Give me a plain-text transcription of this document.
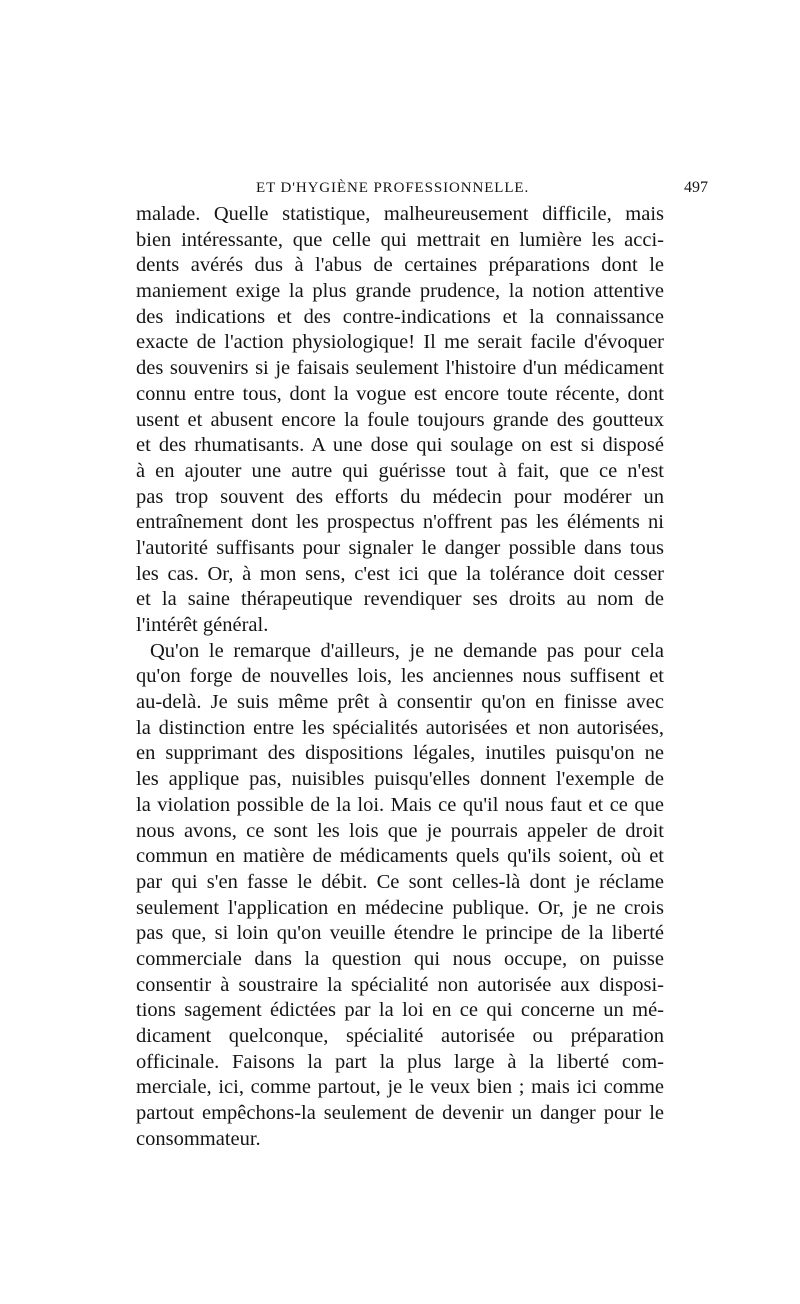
ET D'HYGIÈNE PROFESSIONNELLE.	497
malade. Quelle statistique, malheureusement difficile, mais
bien intéressante, que celle qui mettrait en lumière les acci-
dents avérés dus à l'abus de certaines préparations dont le
maniement exige la plus grande prudence, la notion attentive
des indications et des contre-indications et la connaissance
exacte de l'action physiologique! Il me serait facile d'évoquer
des souvenirs si je faisais seulement l'histoire d'un médicament
connu entre tous, dont la vogue est encore toute récente, dont
usent et abusent encore la foule toujours grande des goutteux
et des rhumatisants. A une dose qui soulage on est si disposé
à en ajouter une autre qui guérisse tout à fait, que ce n'est
pas trop souvent des efforts du médecin pour modérer un
entraînement dont les prospectus n'offrent pas les éléments ni
l'autorité suffisants pour signaler le danger possible dans tous
les cas. Or, à mon sens, c'est ici que la tolérance doit cesser
et la saine thérapeutique revendiquer ses droits au nom de
l'intérêt général.
Qu'on le remarque d'ailleurs, je ne demande pas pour cela
qu'on forge de nouvelles lois, les anciennes nous suffisent et
au-delà. Je suis même prêt à consentir qu'on en finisse avec
la distinction entre les spécialités autorisées et non autorisées,
en supprimant des dispositions légales, inutiles puisqu'on ne
les applique pas, nuisibles puisqu'elles donnent l'exemple de
la violation possible de la loi. Mais ce qu'il nous faut et ce que
nous avons, ce sont les lois que je pourrais appeler de droit
commun en matière de médicaments quels qu'ils soient, où et
par qui s'en fasse le débit. Ce sont celles-là dont je réclame
seulement l'application en médecine publique. Or, je ne crois
pas que, si loin qu'on veuille étendre le principe de la liberté
commerciale dans la question qui nous occupe, on puisse
consentir à soustraire la spécialité non autorisée aux disposi-
tions sagement édictées par la loi en ce qui concerne un mé-
dicament quelconque, spécialité autorisée ou préparation
officinale. Faisons la part la plus large à la liberté com-
merciale, ici, comme partout, je le veux bien ; mais ici comme
partout empêchons-la seulement de devenir un danger pour le
consommateur.
